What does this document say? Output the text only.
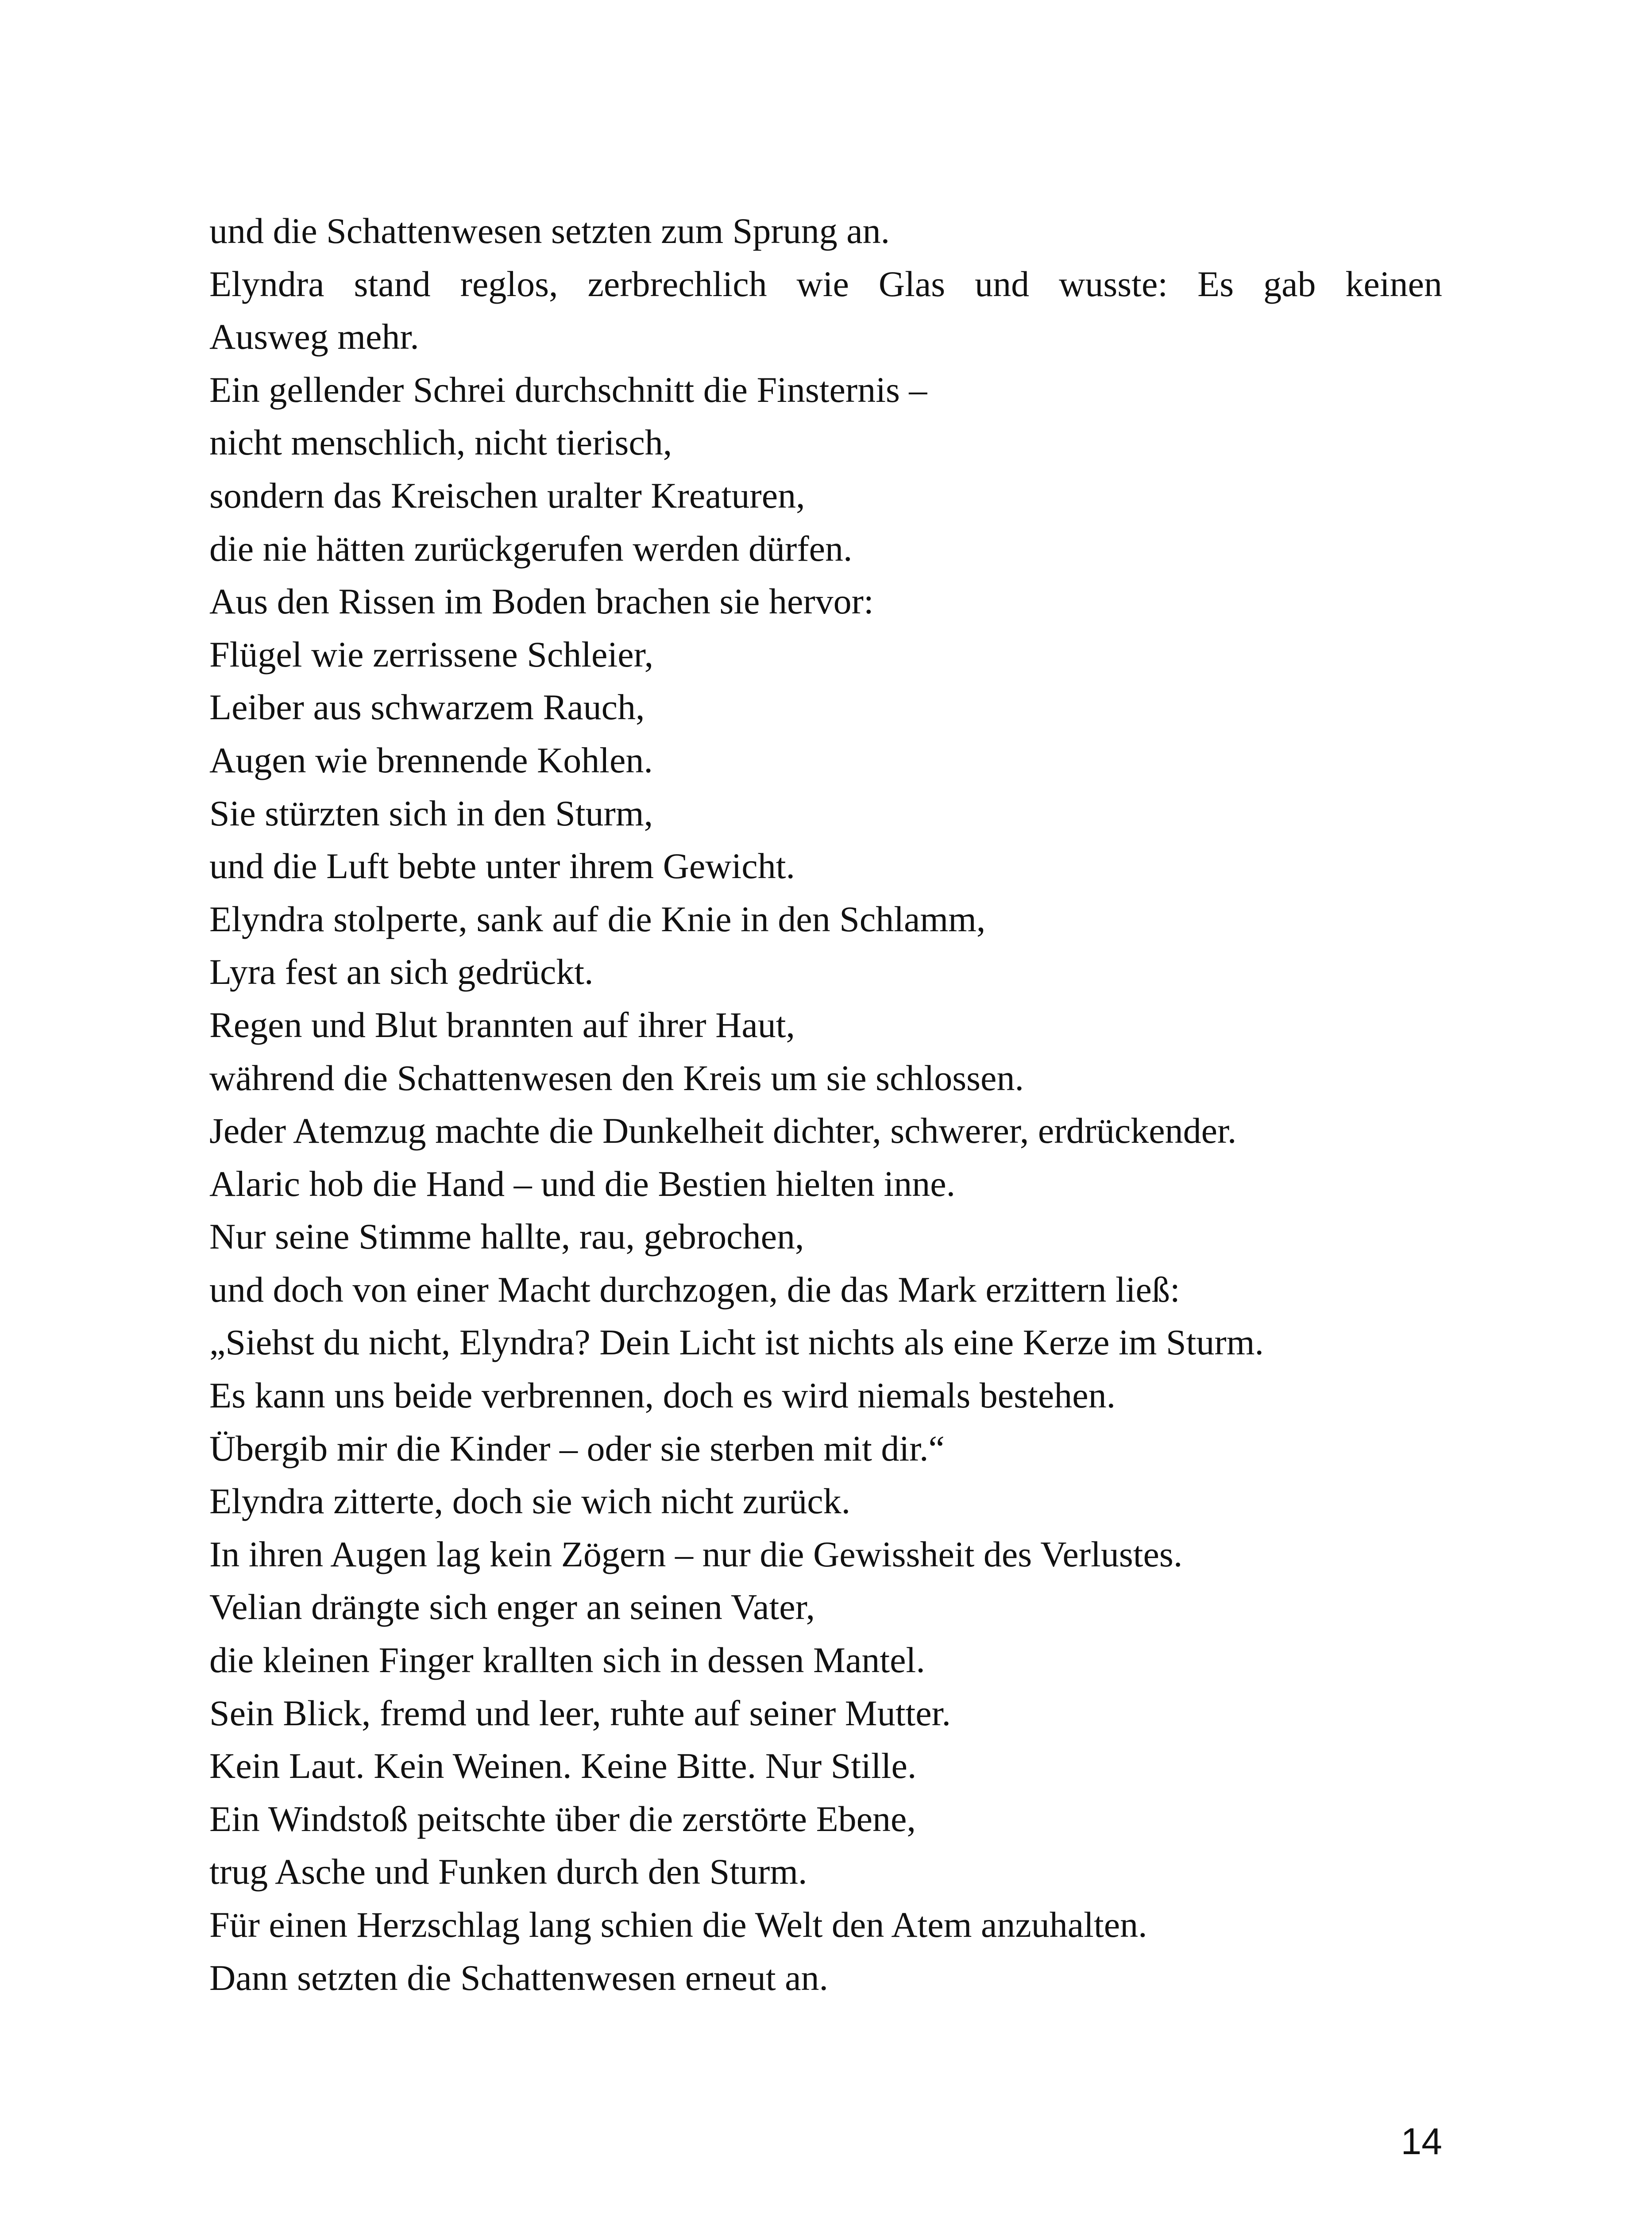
und die Schattenwesen setzten zum Sprung an.
Elyndra stand reglos, zerbrechlich wie Glas und wusste: Es gab keinen
Ausweg mehr.
Ein gellender Schrei durchschnitt die Finsternis –
nicht menschlich, nicht tierisch,
sondern das Kreischen uralter Kreaturen,
die nie hätten zurückgerufen werden dürfen.
Aus den Rissen im Boden brachen sie hervor:
Flügel wie zerrissene Schleier,
Leiber aus schwarzem Rauch,
Augen wie brennende Kohlen.
Sie stürzten sich in den Sturm,
und die Luft bebte unter ihrem Gewicht.
Elyndra stolperte, sank auf die Knie in den Schlamm,
Lyra fest an sich gedrückt.
Regen und Blut brannten auf ihrer Haut,
während die Schattenwesen den Kreis um sie schlossen.
Jeder Atemzug machte die Dunkelheit dichter, schwerer, erdrückender.
Alaric hob die Hand – und die Bestien hielten inne.
Nur seine Stimme hallte, rau, gebrochen,
und doch von einer Macht durchzogen, die das Mark erzittern ließ:
„Siehst du nicht, Elyndra? Dein Licht ist nichts als eine Kerze im Sturm.
Es kann uns beide verbrennen, doch es wird niemals bestehen.
Übergib mir die Kinder – oder sie sterben mit dir.“
Elyndra zitterte, doch sie wich nicht zurück.
In ihren Augen lag kein Zögern – nur die Gewissheit des Verlustes.
Velian drängte sich enger an seinen Vater,
die kleinen Finger krallten sich in dessen Mantel.
Sein Blick, fremd und leer, ruhte auf seiner Mutter.
Kein Laut. Kein Weinen. Keine Bitte. Nur Stille.
Ein Windstoß peitschte über die zerstörte Ebene,
trug Asche und Funken durch den Sturm.
Für einen Herzschlag lang schien die Welt den Atem anzuhalten.
Dann setzten die Schattenwesen erneut an.
14
